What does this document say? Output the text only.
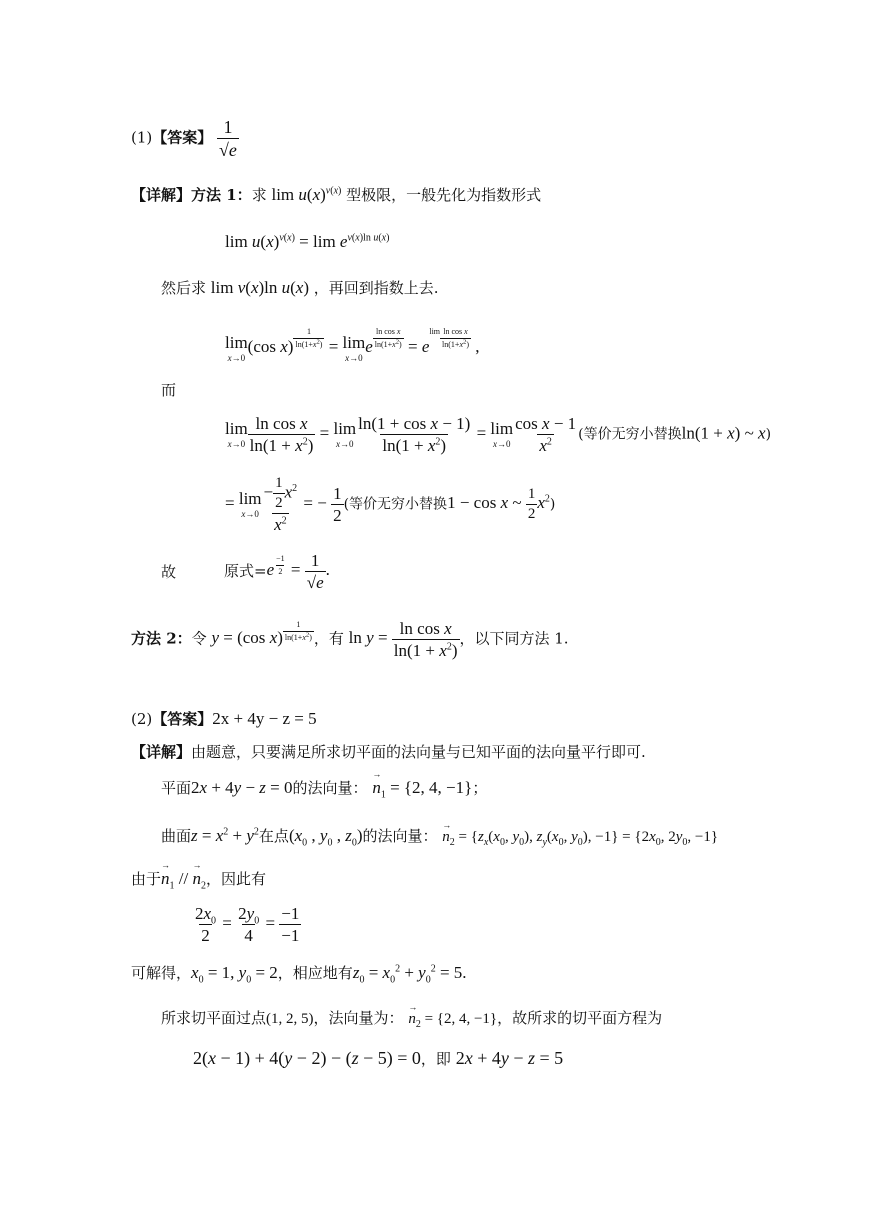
(1)【答案】 $\frac{1}{√e}$
【详解】方法 1：求 $\lim u(x)^{v(x)}$ 型极限，一般先化为指数形式
$\lim u(x)^{v(x)} = \lim e^{v(x)ln u(x)}$
然后求 lim v(x)ln u(x) ，再回到指数上去.
lim
x→0
(cos $x) \frac{1}{\ln(1+x^2)} = \lim$
x→0
e $\frac{\text{ln cos x}}{\ln(1+x^2)} = e^{lim} \frac{\text{ln cos x}}{\ln(1+x^2)}$ ,
而
lim
$x\to 0 \frac{\text{ln cos x}}{\ln(1 + x^2)} = \lim$
$x\to 0 \frac{\text{ln(1 + cos x − 1)}}{\ln(1 + x^2)} = \lim$
$x\to 0 \frac{\text{cos x − 1}}{x^2}$ (等价无穷小替换ln(1 + x) ~ x)
= lim
$x\to 0 \frac{- \frac{1}{2} x^2}{x^2}$ = − $\frac{1}{2}$ (等价无穷小替换1 − cos x ~ $\frac{1}{2} x^2$)
故	原式$=e \frac{-1}{2} = \frac{1}{√e}$ .
方法 2：令 y = (cos $x) \frac{1}{\ln(1+x^2)}$ ，有 $\ln y = \frac{\text{ln cos x}}{\ln(1 + x^2)}$ ，以下同方法 1.
(2)【答案】2x + 4y − z = 5
【详解】由题意，只要满足所求切平面的法向量与已知平面的法向量平行即可.
平面2x + 4y − z = 0的法向量： → $n_1 = \{2$, 4, −1}；
曲面$z = x^2 + y^2$在点($x_0$ , $y_0$ , $z_0$)的法向量： → $n_2 = \{z_x(x_0$, $y_0$), $z_y(x_0$, $y_0$), $-1\} = \{2x_0$, $2y_0$, −1}
由于→ $n_1$ // → $n_2$，因此有
$\frac{2x_0}{2} = \frac{2y_0}{4} = \frac{-1}{-1}$
可解得，$x_0 = 1$, $y_0 = 2$，相应地有$z_0 = x_0^2 + y_0^2 = 5$.
所求切平面过点(1, 2, 5)，法向量为： → $n_2 = \{2$, 4, −1}，故所求的切平面方程为
2(x − 1) + 4(y − 2) − (z − 5) = 0，即 2x + 4y − z = 5
